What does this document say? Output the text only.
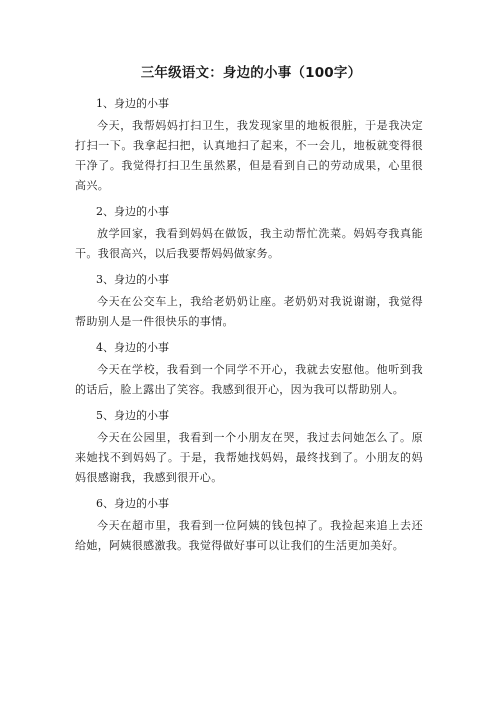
三年级语文：身边的小事（100字）

1、身边的小事

今天，我帮妈妈打扫卫生，我发现家里的地板很脏，于是我决定打扫一下。我拿起扫把，认真地扫了起来，不一会儿，地板就变得很干净了。我觉得打扫卫生虽然累，但是看到自己的劳动成果，心里很高兴。

2、身边的小事

放学回家，我看到妈妈在做饭，我主动帮忙洗菜。妈妈夸我真能干。我很高兴，以后我要帮妈妈做家务。

3、身边的小事

今天在公交车上，我给老奶奶让座。老奶奶对我说谢谢，我觉得帮助别人是一件很快乐的事情。

4、身边的小事

今天在学校，我看到一个同学不开心，我就去安慰他。他听到我的话后，脸上露出了笑容。我感到很开心，因为我可以帮助别人。

5、身边的小事

今天在公园里，我看到一个小朋友在哭，我过去问她怎么了。原来她找不到妈妈了。于是，我帮她找妈妈，最终找到了。小朋友的妈妈很感谢我，我感到很开心。

6、身边的小事

今天在超市里，我看到一位阿姨的钱包掉了。我捡起来追上去还给她，阿姨很感激我。我觉得做好事可以让我们的生活更加美好。
